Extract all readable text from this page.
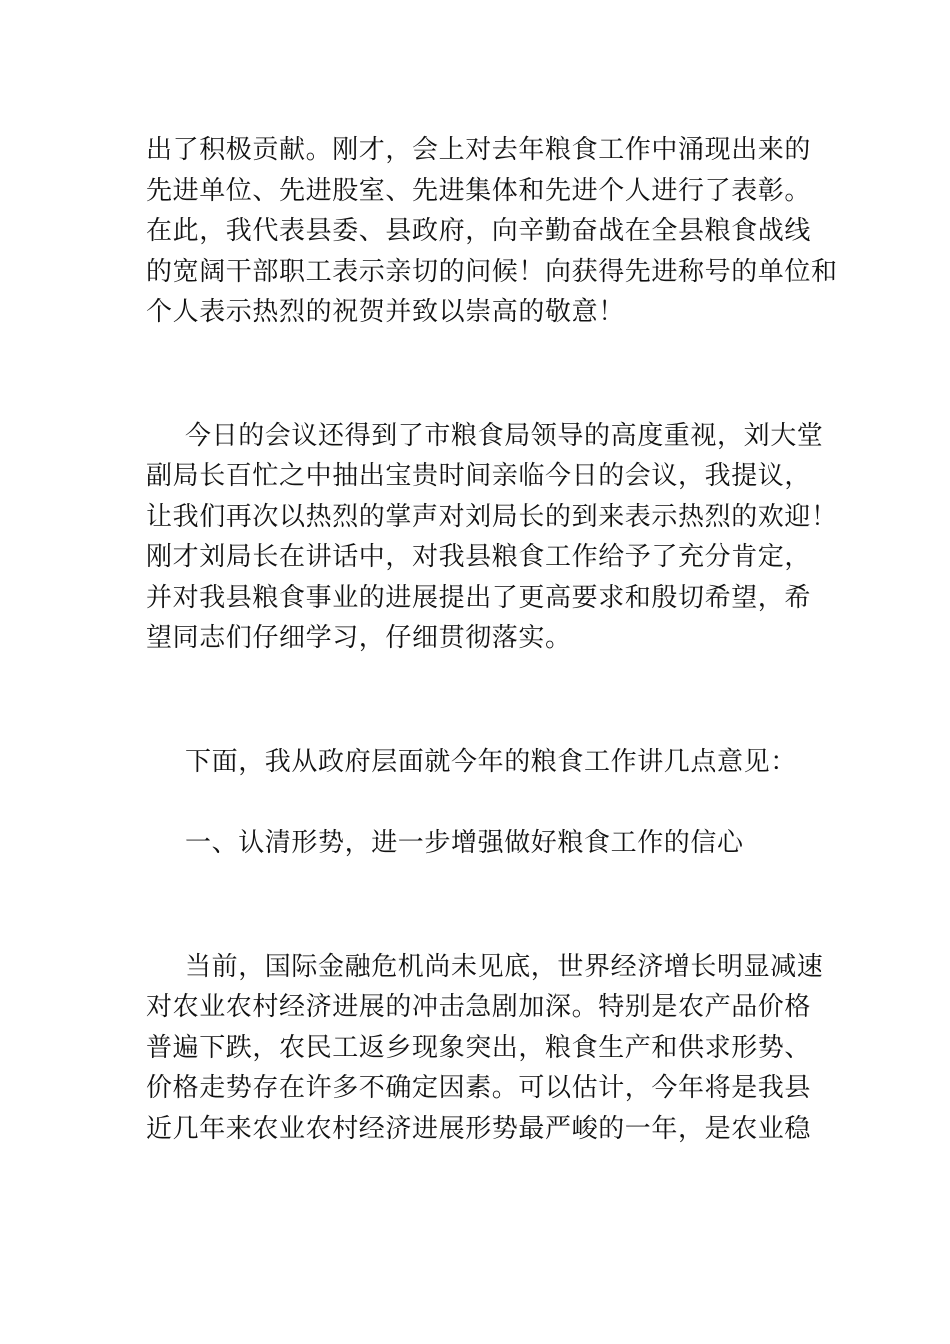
出了积极贡献。刚才，会上对去年粮食工作中涌现出来的
先进单位、先进股室、先进集体和先进个人进行了表彰。
在此，我代表县委、县政府，向辛勤奋战在全县粮食战线
的宽阔干部职工表示亲切的问候！向获得先进称号的单位和
个人表示热烈的祝贺并致以崇高的敬意！
今日的会议还得到了市粮食局领导的高度重视，刘大堂
副局长百忙之中抽出宝贵时间亲临今日的会议，我提议，
让我们再次以热烈的掌声对刘局长的到来表示热烈的欢迎！
刚才刘局长在讲话中，对我县粮食工作给予了充分肯定，
并对我县粮食事业的进展提出了更高要求和殷切希望，希
望同志们仔细学习，仔细贯彻落实。
下面，我从政府层面就今年的粮食工作讲几点意见：
一、认清形势，进一步增强做好粮食工作的信心
当前，国际金融危机尚未见底，世界经济增长明显减速
对农业农村经济进展的冲击急剧加深。特别是农产品价格
普遍下跌，农民工返乡现象突出，粮食生产和供求形势、
价格走势存在许多不确定因素。可以估计，今年将是我县
近几年来农业农村经济进展形势最严峻的一年，是农业稳
